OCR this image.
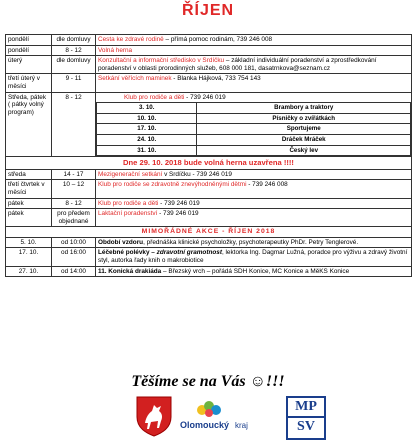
ŘÍJEN
pondělí	dle domluvy	Cesta ke zdravé rodině – přímá pomoc rodinám, 739 246 008
pondělí	8 - 12	Volná herna
úterý	dle domluvy	Konzultační a informační středisko v Srdíčku – základní individuální poradenství a zprostředkování poradenství v oblasti prorodinných služeb, 608 000 181, dasatrnkova@seznam.cz
třetí úterý v měsíci	9 - 11	Setkání věřících maminek - Blanka Hájková, 733 754 143
Středa, pátek ( pátky volný program)	8 - 12	Klub pro rodiče a děti - 739 246 019
3. 10.	Brambory a traktory
10. 10.	Písničky o zvířátkách
17. 10.	Sportujeme
24. 10.	Dráček Mráček
31. 10.	Český lev

Dne 29. 10. 2018 bude volná herna uzavřena !!!!
středa	14 - 17	Mezigenerační setkání v Srdíčku - 739 246 019
třetí čtvrtek v měsíci	10 – 12	Klub pro rodiče se zdravotně znevýhodněnými dětmi - 739 246 008
pátek	8 - 12	Klub pro rodiče a děti - 739 246 019
pátek	pro předem objednané	Laktační poradenství - 739 246 019
MIMOŘÁDNÉ AKCE - ŘÍJEN 2018
5. 10.	od 10:00	Období vzdoru, přednáška klinické psycholožky, psychoterapeutky PhDr. Petry Tenglerové.
17. 10.	od 16:00	Léčebné polévky – zdravotní gramotnost, lektorka Ing. Dagmar Lužná, poradce pro výživu a zdravý životní styl, autorka řady knih o makrobiotice
27. 10.	od 14:00	11. Konická drakiáda – Březský vrch – pořádá SDH Konice, MC Konice a MěKS Konice
Těšíme se na Vás ☺!!!
Olomoucký kraj
MP
SV
